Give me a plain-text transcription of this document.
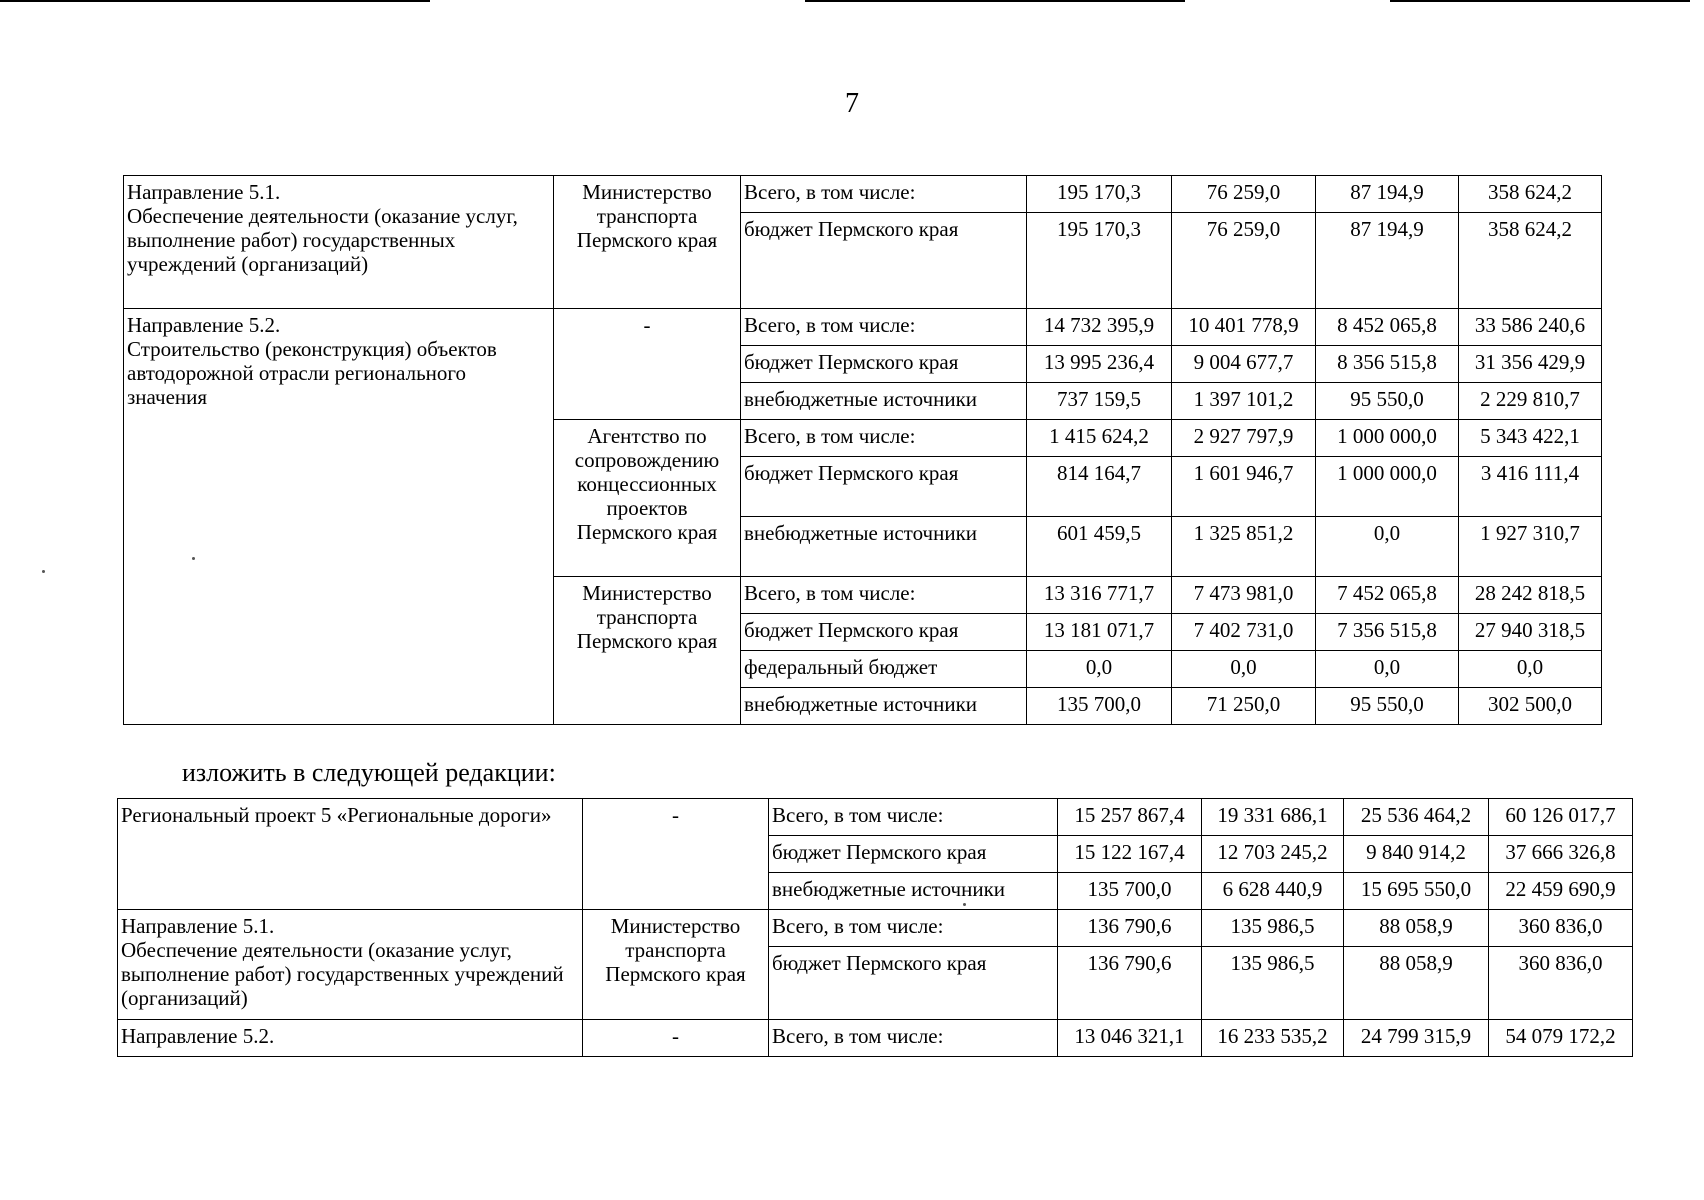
7
Направление 5.1.
Обеспечение деятельности (оказание услуг, выполнение работ) государственных учреждений (организаций)	Министерство транспорта Пермского края	Всего, в том числе:	195 170,3	76 259,0	87 194,9	358 624,2
		бюджет Пермского края	195 170,3	76 259,0	87 194,9	358 624,2

Направление 5.2.
Строительство (реконструкция) объектов автодорожной отрасли регионального значения	-	Всего, в том числе:	14 732 395,9	10 401 778,9	8 452 065,8	33 586 240,6
		бюджет Пермского края	13 995 236,4	9 004 677,7	8 356 515,8	31 356 429,9
		внебюджетные источники	737 159,5	1 397 101,2	95 550,0	2 229 810,7
	Агентство по сопровождению концессионных проектов Пермского края	Всего, в том числе:	1 415 624,2	2 927 797,9	1 000 000,0	5 343 422,1
		бюджет Пермского края	814 164,7	1 601 946,7	1 000 000,0	3 416 111,4
		внебюджетные источники	601 459,5	1 325 851,2	0,0	1 927 310,7
	Министерство транспорта Пермского края	Всего, в том числе:	13 316 771,7	7 473 981,0	7 452 065,8	28 242 818,5
		бюджет Пермского края	13 181 071,7	7 402 731,0	7 356 515,8	27 940 318,5
		федеральный бюджет	0,0	0,0	0,0	0,0
		внебюджетные источники	135 700,0	71 250,0	95 550,0	302 500,0
изложить в следующей редакции:
Региональный проект 5 «Региональные дороги»	-	Всего, в том числе:	15 257 867,4	19 331 686,1	25 536 464,2	60 126 017,7
		бюджет Пермского края	15 122 167,4	12 703 245,2	9 840 914,2	37 666 326,8
		внебюджетные источники	135 700,0	6 628 440,9	15 695 550,0	22 459 690,9

Направление 5.1.
Обеспечение деятельности (оказание услуг, выполнение работ) государственных учреждений (организаций)	Министерство транспорта Пермского края	Всего, в том числе:	136 790,6	135 986,5	88 058,9	360 836,0
		бюджет Пермского края	136 790,6	135 986,5	88 058,9	360 836,0

Направление 5.2.	-	Всего, в том числе:	13 046 321,1	16 233 535,2	24 799 315,9	54 079 172,2
